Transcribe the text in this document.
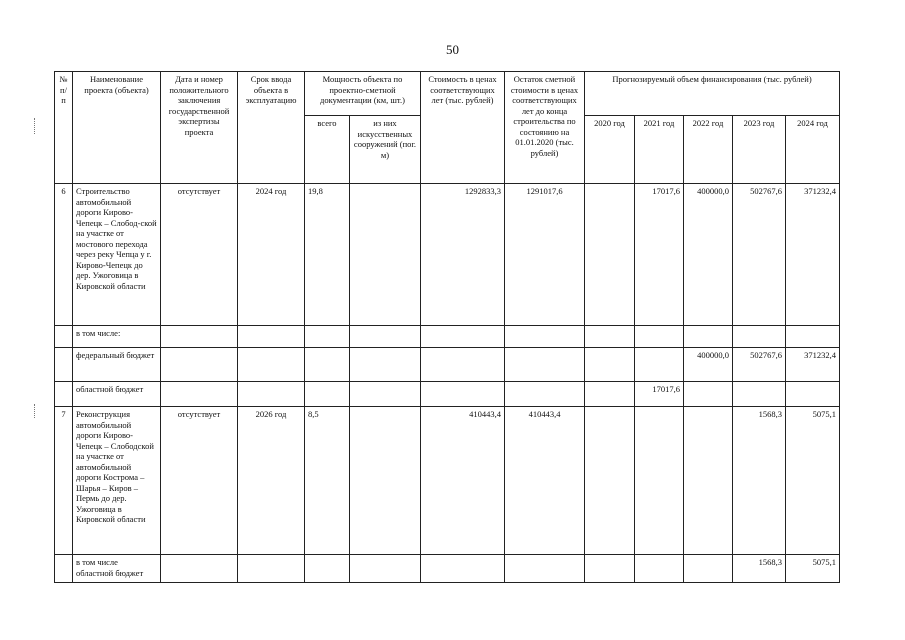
50
№ п/п	Наименование проекта (объекта)	Дата и номер положительного заключения государственной экспертизы проекта	Срок ввода объекта в эксплуатацию	Мощность объекта по проектно-сметной документации (км, шт.)		Стоимость в ценах соответствующих лет (тыс. рублей)	Остаток сметной стоимости в ценах соответствующих лет до конца строительства по состоянию на 01.01.2020 (тыс. рублей)	Прогнозируемый объем финансирования (тыс. рублей)				
				всего	из них искусственных сооружений (пог. м)			2020 год	2021 год	2022 год	2023 год	2024 год
6	Строительство автомобильной дороги Кирово-Чепецк – Слобод-ской на участке от мостового перехода через реку Чепца у г. Кирово-Чепецк до дер. Ужоговица в Кировской области	отсутствует	2024 год	19,8		1292833,3	1291017,6		17017,6	400000,0	502767,6	371232,4
	в том числе:											
	федеральный бюджет									400000,0	502767,6	371232,4
	областной бюджет								17017,6			
7	Реконструкция автомобильной дороги Кирово-Чепецк – Слободской на участке от автомобильной дороги Кострома – Шарья – Киров – Пермь до дер. Ужоговица в Кировской области	отсутствует	2026 год	8,5		410443,4	410443,4				1568,3	5075,1
	в том числе областной бюджет										1568,3	5075,1
